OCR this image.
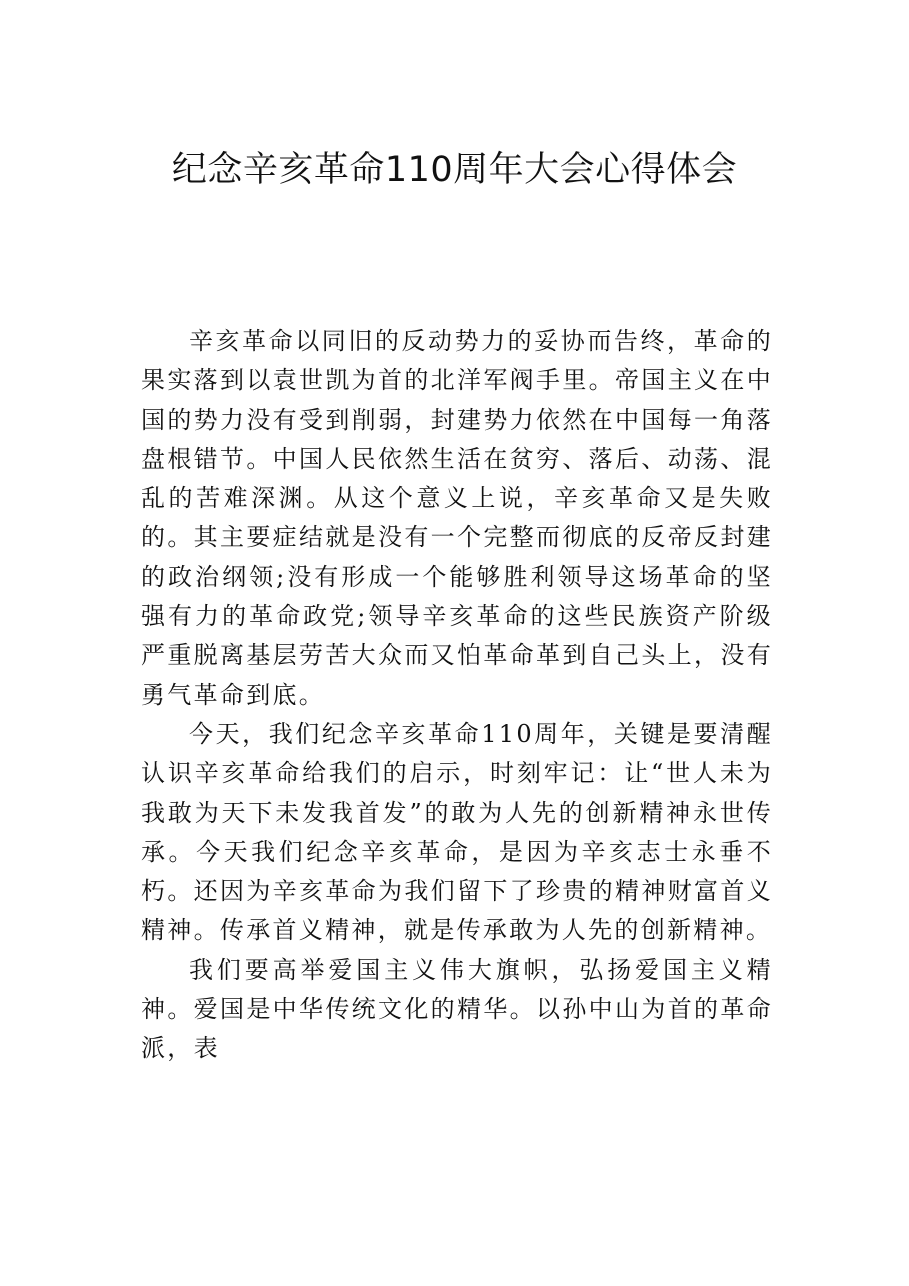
纪念辛亥革命110周年大会心得体会

辛亥革命以同旧的反动势力的妥协而告终，革命的果实落到以袁世凯为首的北洋军阀手里。帝国主义在中国的势力没有受到削弱，封建势力依然在中国每一角落盘根错节。中国人民依然生活在贫穷、落后、动荡、混乱的苦难深渊。从这个意义上说，辛亥革命又是失败的。其主要症结就是没有一个完整而彻底的反帝反封建的政治纲领;没有形成一个能够胜利领导这场革命的坚强有力的革命政党;领导辛亥革命的这些民族资产阶级严重脱离基层劳苦大众而又怕革命革到自己头上，没有勇气革命到底。

今天，我们纪念辛亥革命110周年，关键是要清醒认识辛亥革命给我们的启示，时刻牢记：让“世人未为我敢为天下未发我首发”的敢为人先的创新精神永世传承。今天我们纪念辛亥革命，是因为辛亥志士永垂不朽。还因为辛亥革命为我们留下了珍贵的精神财富首义精神。传承首义精神，就是传承敢为人先的创新精神。

我们要高举爱国主义伟大旗帜，弘扬爱国主义精神。爱国是中华传统文化的精华。以孙中山为首的革命派，表
